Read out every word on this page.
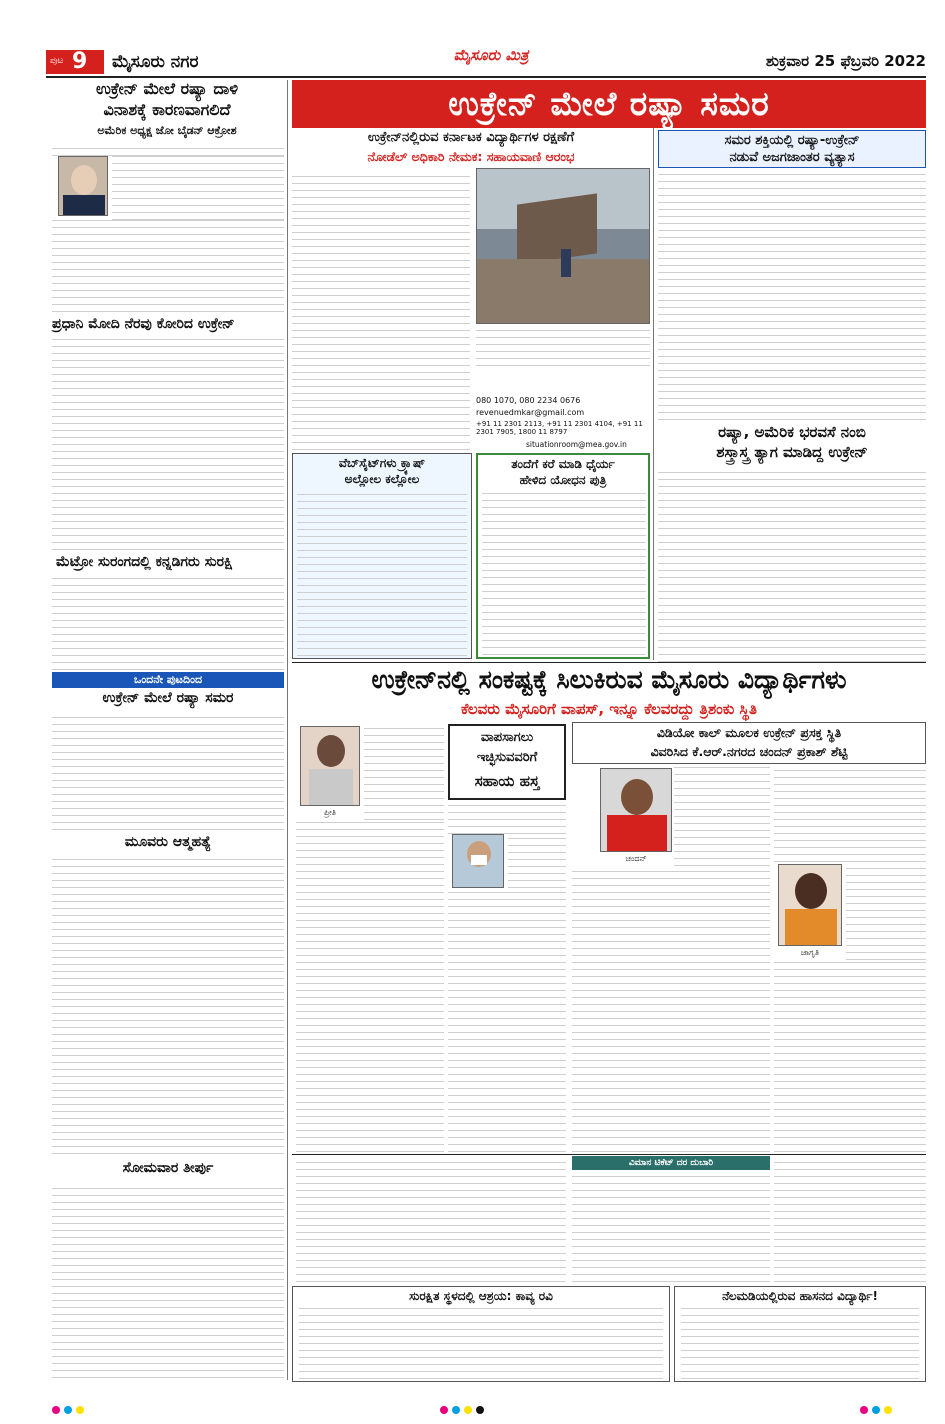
ಪುಟ 9 ಮೈಸೂರು ನಗರ	ಮೈಸೂರು ಮಿತ್ರ	ಶುಕ್ರವಾರ 25 ಫೆಬ್ರವರಿ 2022
ಉಕ್ರೇನ್ ಮೇಲೆ ರಷ್ಯಾ ಸಮರ
ಉಕ್ರೇನ್ ಮೇಲೆ ರಷ್ಯಾ ದಾಳಿ
ವಿನಾಶಕ್ಕೆ ಕಾರಣವಾಗಲಿದೆ
ಅಮೆರಿಕ ಅಧ್ಯಕ್ಷ ಜೋ ಬೈಡನ್ ಆಕ್ರೋಶ
ಪ್ರಧಾನಿ ಮೋದಿ ನೆರವು ಕೋರಿದ ಉಕ್ರೇನ್
ಮೆಟ್ರೋ ಸುರಂಗದಲ್ಲಿ ಕನ್ನಡಿಗರು ಸುರಕ್ಷಿ
ಒಂದನೇ ಪುಟದಿಂದ
ಉಕ್ರೇನ್ ಮೇಲೆ ರಷ್ಯಾ ಸಮರ
ಮೂವರು ಆತ್ಮಹತ್ಯೆ
ಸೋಮವಾರ ತೀರ್ಪು
ಉಕ್ರೇನ್‌ನಲ್ಲಿರುವ ಕರ್ನಾಟಕ ವಿದ್ಯಾರ್ಥಿಗಳ ರಕ್ಷಣೆಗೆ
ನೋಡೆಲ್ ಅಧಿಕಾರಿ ನೇಮಕ: ಸಹಾಯವಾಣಿ ಆರಂಭ
080 1070, 080 2234 0676
revenuedmkar@gmail.com
+91 11 2301 2113, +91 11 2301 4104, +91 11 2301 7905, 1800 11 8797
situationroom@mea.gov.in
ವೆಬ್‌ಸೈಟ್‌ಗಳು ಕ್ರ್ಯಾಷ್
ಅಲ್ಲೋಲ ಕಲ್ಲೋಲ
ತಂದೆಗೆ ಕರೆ ಮಾಡಿ ಧೈರ್ಯ
ಹೇಳಿದ ಯೋಧನ ಪುತ್ರಿ
ಸಮರ ಶಕ್ತಿಯಲ್ಲಿ ರಷ್ಯಾ-ಉಕ್ರೇನ್
ನಡುವೆ ಅಜಗಜಾಂತರ ವ್ಯತ್ಯಾಸ
ರಷ್ಯಾ, ಅಮೆರಿಕ ಭರವಸೆ ನಂಬಿ
ಶಸ್ತ್ರಾಸ್ತ್ರ ತ್ಯಾಗ ಮಾಡಿದ್ದ ಉಕ್ರೇನ್
ಉಕ್ರೇನ್‌ನಲ್ಲಿ ಸಂಕಷ್ಟಕ್ಕೆ ಸಿಲುಕಿರುವ ಮೈಸೂರು ವಿದ್ಯಾರ್ಥಿಗಳು
ಕೆಲವರು ಮೈಸೂರಿಗೆ ವಾಪಸ್, ಇನ್ನೂ ಕೆಲವರದ್ದು ತ್ರಿಶಂಕು ಸ್ಥಿತಿ
ಪ್ರೀತಿ
ವಾಪಸಾಗಲು
ಇಚ್ಛಿಸುವವರಿಗೆ
ಸಹಾಯ ಹಸ್ತ
ವಿಡಿಯೋ ಕಾಲ್ ಮೂಲಕ ಉಕ್ರೇನ್ ಪ್ರಸಕ್ತ ಸ್ಥಿತಿ
ವಿವರಿಸಿದ ಕೆ.ಆರ್.ನಗರದ ಚಂದನ್ ಪ್ರಕಾಶ್ ಶೆಟ್ಟಿ
ಚಂದನ್
ಜಾಗೃತಿ
ವಿಮಾನ ಟಿಕೆಟ್ ದರ ದುಬಾರಿ
ಸುರಕ್ಷಿತ ಸ್ಥಳದಲ್ಲಿ ಆಶ್ರಯ: ಕಾವ್ಯ ರವಿ	ನೆಲಮಡಿಯಲ್ಲಿರುವ ಹಾಸನದ ವಿದ್ಯಾರ್ಥಿ!
